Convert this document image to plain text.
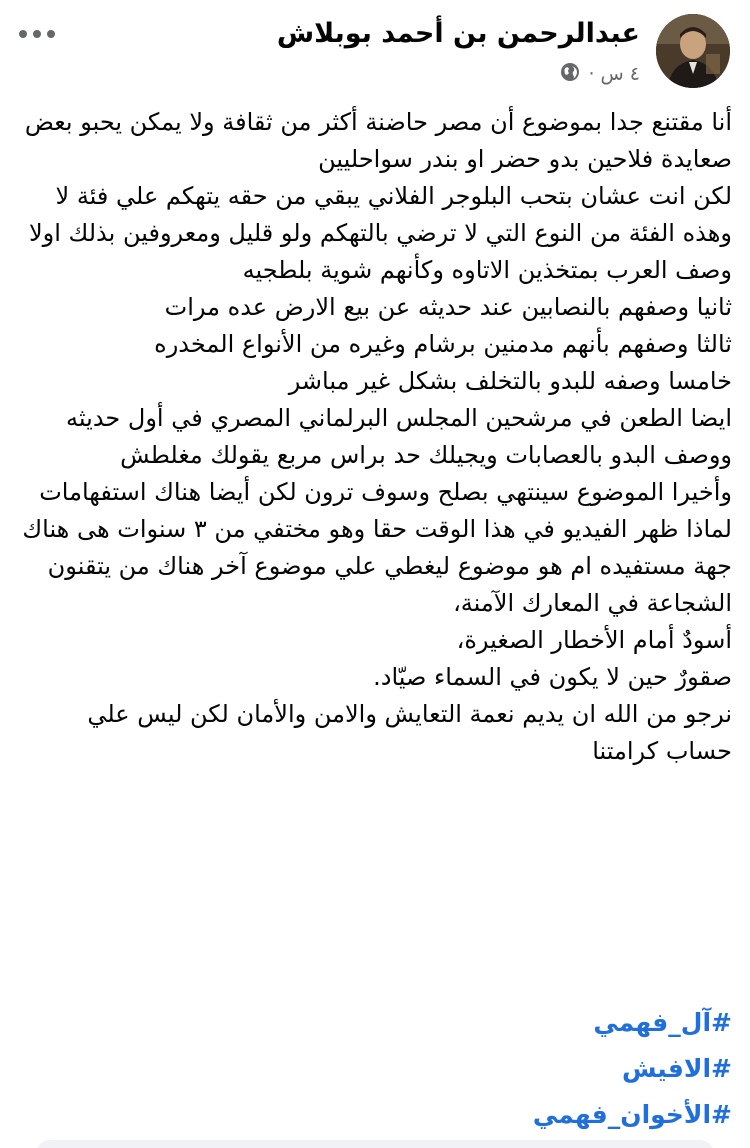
عبدالرحمن بن أحمد بوبلاش
٤ س ·
أنا مقتنع جدا بموضوع أن مصر حاضنة أكثر من ثقافة ولا يمكن يحبو بعض صعايدة فلاحين بدو حضر او بندر سواحليين
لكن انت عشان بتحب البلوجر الفلاني يبقي من حقه يتهكم علي فئة لا وهذه الفئة من النوع التي لا ترضي بالتهكم ولو قليل ومعروفين بذلك اولا وصف العرب بمتخذين الاتاوه وكأنهم شوية بلطجيه
ثانيا وصفهم بالنصابين عند حديثه عن بيع الارض عده مرات
ثالثا وصفهم بأنهم مدمنين برشام وغيره من الأنواع المخدره
خامسا وصفه للبدو بالتخلف بشكل غير مباشر
ايضا الطعن في مرشحين المجلس البرلماني المصري في أول حديثه
ووصف البدو بالعصابات ويجيلك حد براس مربع يقولك مغلطش
وأخيرا الموضوع سينتهي بصلح وسوف ترون لكن أيضا هناك استفهامات لماذا ظهر الفيديو في هذا الوقت حقا وهو مختفي من ٣ سنوات هى هناك جهة مستفيده ام هو موضوع ليغطي علي موضوع آخر هناك من يتقنون الشجاعة في المعارك الآمنة،
أسودٌ أمام الأخطار الصغيرة،
صقورٌ حين لا يكون في السماء صيّاد.
نرجو من الله ان يديم نعمة التعايش والامن والأمان لكن ليس علي حساب كرامتنا
#آل_فهمي
#الافيش
#الأخوان_فهمي
